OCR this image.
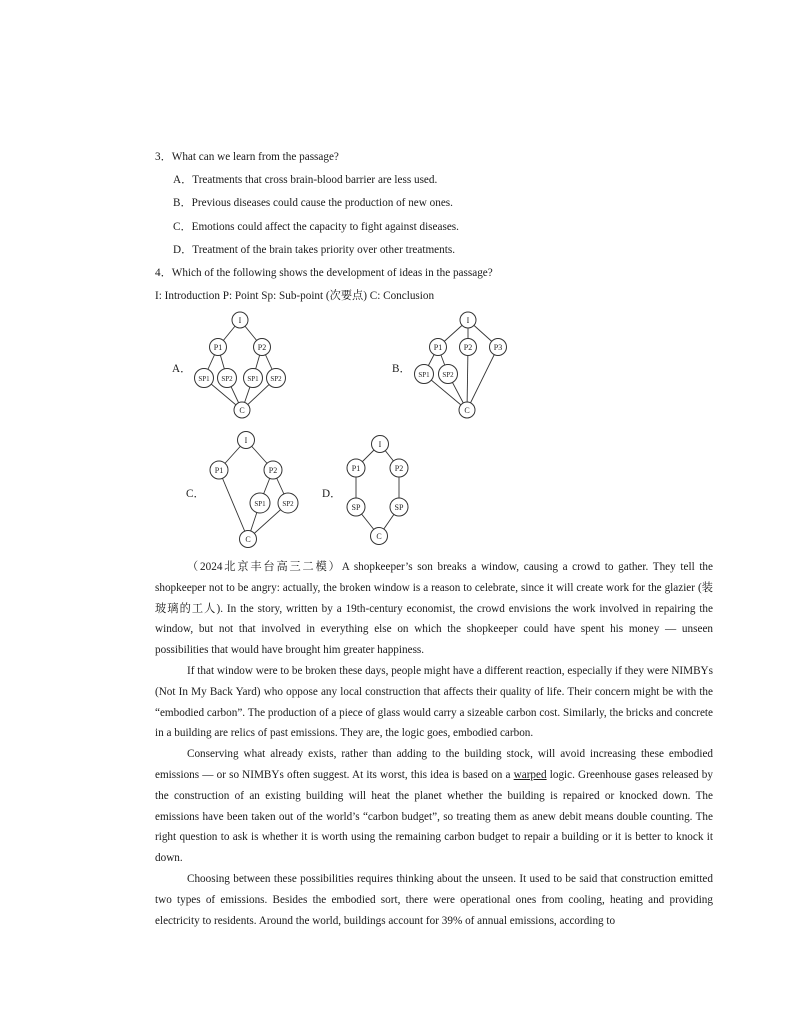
3．What can we learn from the passage?
A．Treatments that cross brain-blood barrier are less used.
B．Previous diseases could cause the production of new ones.
C．Emotions could affect the capacity to fight against diseases.
D．Treatment of the brain takes priority over other treatments.
4．Which of the following shows the development of ideas in the passage?
I: Introduction P: Point Sp: Sub-point (次要点) C: Conclusion
A．
I
P1	P2
SP1 SP2 SP1 SP2
C
B．
I
P1	P2	P3
SP1 SP2
C
C．
I
P1	P2
SP1 SP2
C
D．
I
P1	P2
SP	SP
C

（2024北京丰台高三二模）A shopkeeper’s son breaks a window, causing a crowd to gather. They tell the shopkeeper not to be angry: actually, the broken window is a reason to celebrate, since it will create work for the glazier (装玻璃的工人). In the story, written by a 19th-century economist, the crowd envisions the work involved in repairing the window, but not that involved in everything else on which the shopkeeper could have spent his money — unseen possibilities that would have brought him greater happiness.

If that window were to be broken these days, people might have a different reaction, especially if they were NIMBYs (Not In My Back Yard) who oppose any local construction that affects their quality of life. Their concern might be with the “embodied carbon”. The production of a piece of glass would carry a sizeable carbon cost. Similarly, the bricks and concrete in a building are relics of past emissions. They are, the logic goes, embodied carbon.

Conserving what already exists, rather than adding to the building stock, will avoid increasing these embodied emissions — or so NIMBYs often suggest. At its worst, this idea is based on a warped logic. Greenhouse gases released by the construction of an existing building will heat the planet whether the building is repaired or knocked down. The emissions have been taken out of the world’s “carbon budget”, so treating them as anew debit means double counting. The right question to ask is whether it is worth using the remaining carbon budget to repair a building or it is better to knock it down.

Choosing between these possibilities requires thinking about the unseen. It used to be said that construction emitted two types of emissions. Besides the embodied sort, there were operational ones from cooling, heating and providing electricity to residents. Around the world, buildings account for 39% of annual emissions, according to
